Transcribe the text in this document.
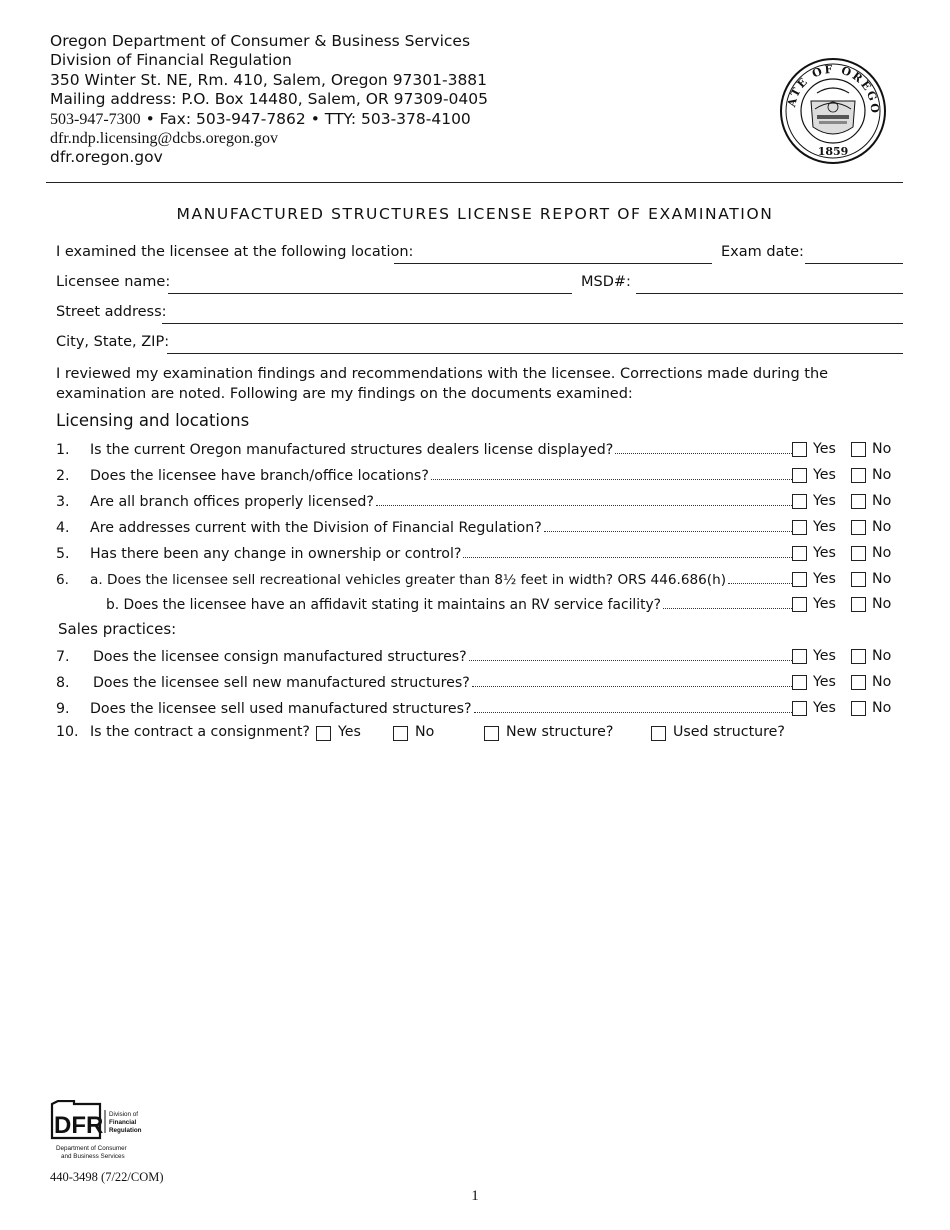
Oregon Department of Consumer & Business Services
Division of Financial Regulation
350 Winter St. NE, Rm. 410, Salem, Oregon 97301-3881
Mailing address: P.O. Box 14480, Salem, OR 97309-0405
503-947-7300 • Fax: 503-947-7862 • TTY: 503-378-4100
dfr.ndp.licensing@dcbs.oregon.gov
dfr.oregon.gov
ATE OF OREGO
1859
MANUFACTURED STRUCTURES LICENSE REPORT OF EXAMINATION
I examined the licensee at the following location:	Exam date:
Licensee name:	MSD#:
Street address:
City, State, ZIP:
I reviewed my examination findings and recommendations with the licensee. Corrections made during the examination are noted. Following are my findings on the documents examined:
Licensing and locations
1.	Is the current Oregon manufactured structures dealers license displayed?	Yes	No
2.	Does the licensee have branch/office locations?	Yes	No
3.	Are all branch offices properly licensed?	Yes	No
4.	Are addresses current with the Division of Financial Regulation?	Yes	No
5.	Has there been any change in ownership or control?	Yes	No
6.	a. Does the licensee sell recreational vehicles greater than 8½ feet in width? ORS 446.686(h)	Yes	No
b. Does the licensee have an affidavit stating it maintains an RV service facility?	Yes	No
Sales practices:
7.	Does the licensee consign manufactured structures?	Yes	No
8.	Does the licensee sell new manufactured structures?	Yes	No
9.	Does the licensee sell used manufactured structures?	Yes	No
10. Is the contract a consignment? Yes	No	New structure?	Used structure?
DFR Division of
Financial
Regulation
Department of Consumer
and Business Services
440-3498 (7/22/COM)
1
